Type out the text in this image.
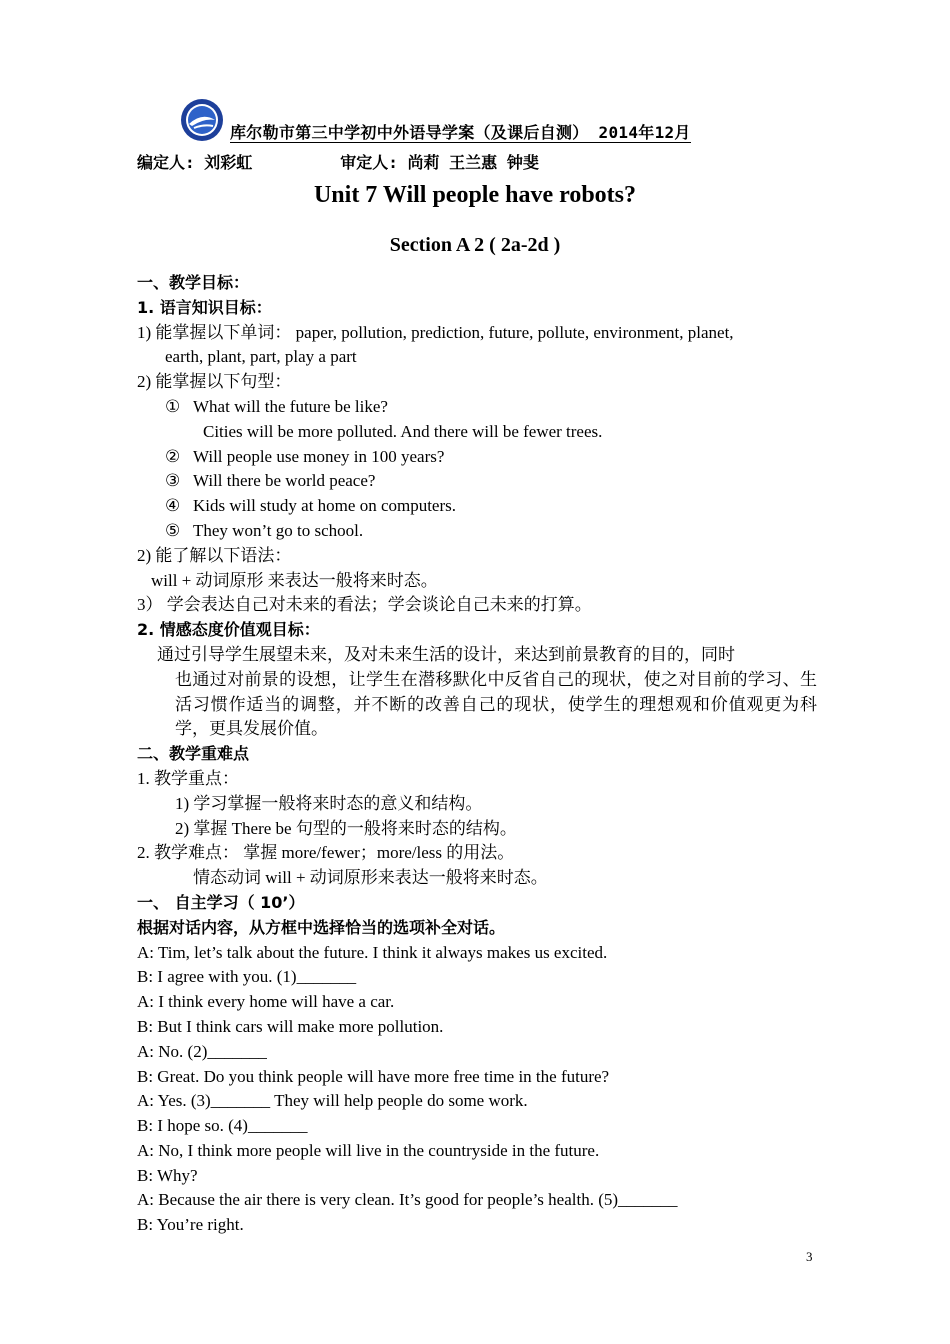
库尔勒市第三中学初中外语导学案（及课后自测） 2014年12月
编定人: 刘彩虹	审定人: 尚莉 王兰惠 钟斐
Unit 7 Will people have robots?
Section A 2 ( 2a-2d )
一、教学目标：
1. 语言知识目标：
1) 能掌握以下单词： paper, pollution, prediction, future, pollute, environment, planet,
earth, plant, part, play a part
2) 能掌握以下句型：
① What will the future be like?
Cities will be more polluted. And there will be fewer trees.
② Will people use money in 100 years?
③ Will there be world peace?
④ Kids will study at home on computers.
⑤ They won’t go to school.
2) 能了解以下语法：
will + 动词原形 来表达一般将来时态。
3） 学会表达自己对未来的看法；学会谈论自己未来的打算。
2. 情感态度价值观目标：
通过引导学生展望未来，及对未来生活的设计，来达到前景教育的目的，同时
也通过对前景的设想，让学生在潜移默化中反省自己的现状，使之对目前的学习、生活习惯作适当的调整，并不断的改善自己的现状，使学生的理想观和价值观更为科学，更具发展价值。
二、教学重难点
1. 教学重点：
1) 学习掌握一般将来时态的意义和结构。
2) 掌握 There be 句型的一般将来时态的结构。
2. 教学难点： 掌握 more/fewer；more/less 的用法。
情态动词 will + 动词原形来表达一般将来时态。
一、 自主学习（ 10’）
根据对话内容，从方框中选择恰当的选项补全对话。
A: Tim, let’s talk about the future. I think it always makes us excited.
B: I agree with you. (1)_______
A: I think every home will have a car.
B: But I think cars will make more pollution.
A: No. (2)_______
B: Great. Do you think people will have more free time in the future?
A: Yes. (3)_______ They will help people do some work.
B: I hope so. (4)_______
A: No, I think more people will live in the countryside in the future.
B: Why?
A: Because the air there is very clean. It’s good for people’s health. (5)_______
B: You’re right.
3
